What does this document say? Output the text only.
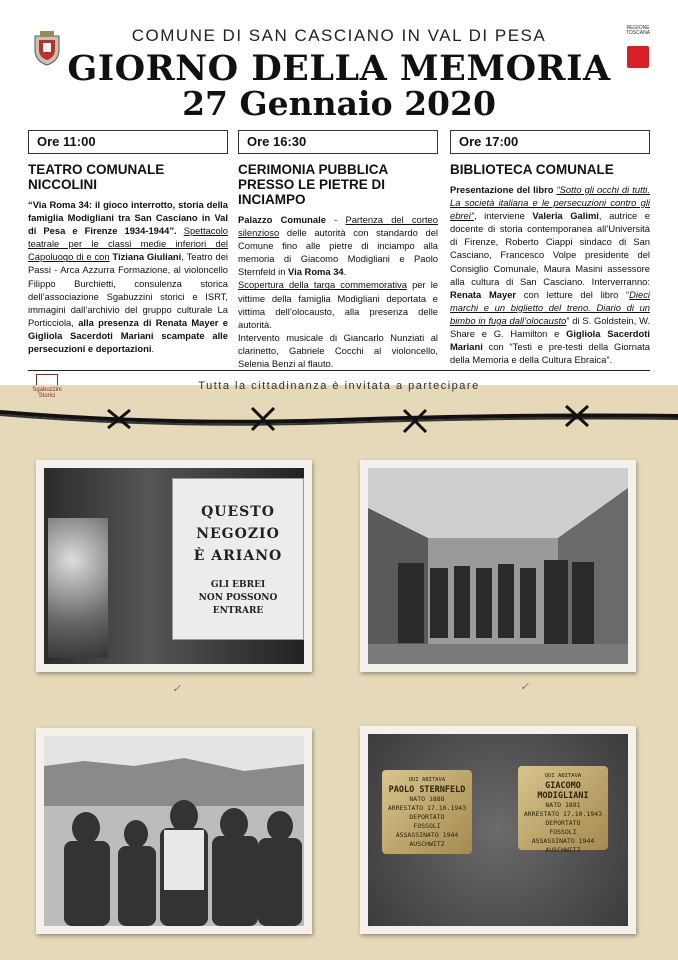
COMUNE DI SAN CASCIANO IN VAL DI PESA	REGIONE TOSCANA
GIORNO DELLA MEMORIA
27 Gennaio 2020
Ore 11:00
TEATRO COMUNALE NICCOLINI
“Via Roma 34: il gioco interrotto, storia della famiglia Modigliani tra San Casciano in Val di Pesa e Firenze 1934-1944”. Spettacolo teatrale per le classi medie inferiori del Capoluogo di e con Tiziana Giuliani, Teatro dei Passi - Arca Azzurra Formazione, al violoncello Filippo Burchietti, consulenza storica dell’associazione Sgabuzzini storici e ISRT, immagini dall’archivio del gruppo culturale La Porticciola, alla presenza di Renata Mayer e Gigliola Sacerdoti Mariani scampate alle persecuzioni e deportazioni.
Ore 16:30
CERIMONIA PUBBLICA PRESSO LE PIETRE DI INCIAMPO
Palazzo Comunale - Partenza del corteo silenzioso delle autorità con standardo del Comune fino alle pietre di inciampo alla memoria di Giacomo Modigliani e Paolo Sternfeld in Via Roma 34.
Scopertura della targa commemorativa per le vittime della famiglia Modigliani deportata e vittima dell’olocausto, alla presenza delle autorità.
Intervento musicale di Giancarlo Nunziati al clarinetto, Gabriele Cocchi al violoncello, Selenia Benzi al flauto.
Ore 17:00
BIBLIOTECA COMUNALE
Presentazione del libro “Sotto gli occhi di tutti. La società italiana e le persecuzioni contro gli ebrei”, interviene Valeria Galimi, autrice e docente di storia contemporanea all’Università di Firenze, Roberto Ciappi sindaco di San Casciano, Francesco Volpe presidente del Consiglio Comunale, Maura Masini assessore alla cultura di San Casciano. Interverranno: Renata Mayer con letture del libro “Dieci marchi e un biglietto del treno. Diario di un bimbo in fuga dall’olocausto” di S. Goldstein, W. Share e G. Hamilton e Gigliola Sacerdoti Mariani con “Testi e pre-testi della Giornata della Memoria e della Cultura Ebraica”.
Sgabuzzini Storici
Tutta la cittadinanza è invitata a partecipare
QUESTO
NEGOZIO
È ARIANO
GLI EBREI
NON POSSONO ENTRARE
✓	✓
QUI ABITAVA
PAOLO STERNFELD
NATO 1888
ARRESTATO 17.10.1943
DEPORTATO
FOSSOLI
ASSASSINATO 1944
AUSCHWITZ
QUI ABITAVA
GIACOMO MODIGLIANI
NATO 1891
ARRESTATO 17.10.1943
DEPORTATO
FOSSOLI
ASSASSINATO 1944
AUSCHWITZ
